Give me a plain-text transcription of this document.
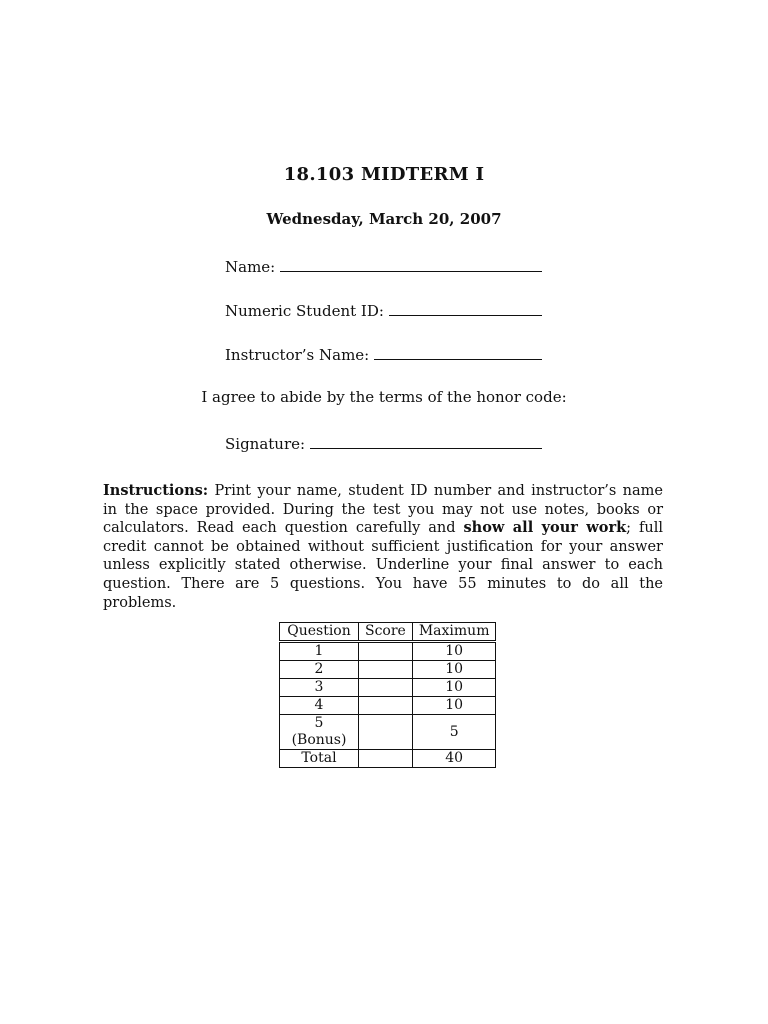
18.103 MIDTERM I
Wednesday, March 20, 2007
Name:
Numeric Student ID:
Instructor’s Name:
I agree to abide by the terms of the honor code:
Signature:
Instructions: Print your name, student ID number and instructor’s name in the space provided. During the test you may not use notes, books or calculators. Read each question carefully and show all your work; full credit cannot be obtained without sufficient justification for your answer unless explicitly stated otherwise. Underline your final answer to each question. There are 5 questions. You have 55 minutes to do all the problems.
Question	Score	Maximum
1		10
2		10
3		10
4		10
5 (Bonus)		5
Total		40
